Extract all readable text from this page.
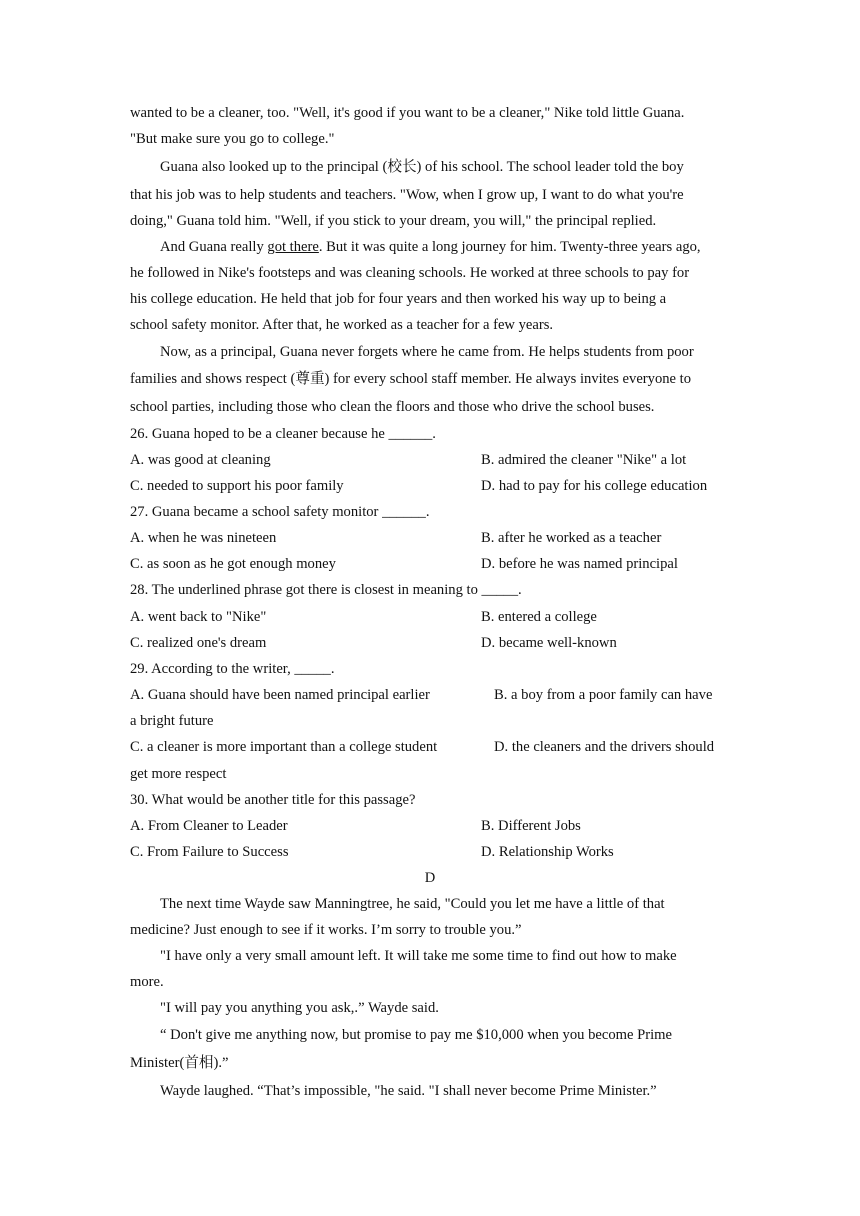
wanted to be a cleaner, too. "Well, it's good if you want to be a cleaner," Nike told little Guana.
"But make sure you go to college."
Guana also looked up to the principal (校长) of his school. The school leader told the boy
that his job was to help students and teachers. "Wow, when I grow up, I want to do what you're
doing," Guana told him. "Well, if you stick to your dream, you will," the principal replied.
And Guana really got there. But it was quite a long journey for him. Twenty-three years ago,
he followed in Nike's footsteps and was cleaning schools. He worked at three schools to pay for
his college education. He held that job for four years and then worked his way up to being a
school safety monitor. After that, he worked as a teacher for a few years.
Now, as a principal, Guana never forgets where he came from. He helps students from poor
families and shows respect (尊重) for every school staff member. He always invites everyone to
school parties, including those who clean the floors and those who drive the school buses.
26. Guana hoped to be a cleaner because he ______.
A. was good at cleaning	B. admired the cleaner "Nike" a lot
C. needed to support his poor family	D. had to pay for his college education
27. Guana became a school safety monitor ______.
A. when he was nineteen	B. after he worked as a teacher
C. as soon as he got enough money	D. before he was named principal
28. The underlined phrase got there is closest in meaning to _____.
A. went back to "Nike"	B. entered a college
C. realized one's dream	D. became well-known
29. According to the writer, _____.
A. Guana should have been named principal earlier	B. a boy from a poor family can have
a bright future
C. a cleaner is more important than a college student	D. the cleaners and the drivers should
get more respect
30. What would be another title for this passage?
A. From Cleaner to Leader	B. Different Jobs
C. From Failure to Success	D. Relationship Works
D
The next time Wayde saw Manningtree, he said, "Could you let me have a little of that
medicine? Just enough to see if it works. I’m sorry to trouble you.”
"I have only a very small amount left. It will take me some time to find out how to make
more.
"I will pay you anything you ask,.” Wayde said.
“ Don't give me anything now, but promise to pay me $10,000 when you become Prime
Minister(首相).”
Wayde laughed. “That’s impossible, "he said. "I shall never become Prime Minister.”
